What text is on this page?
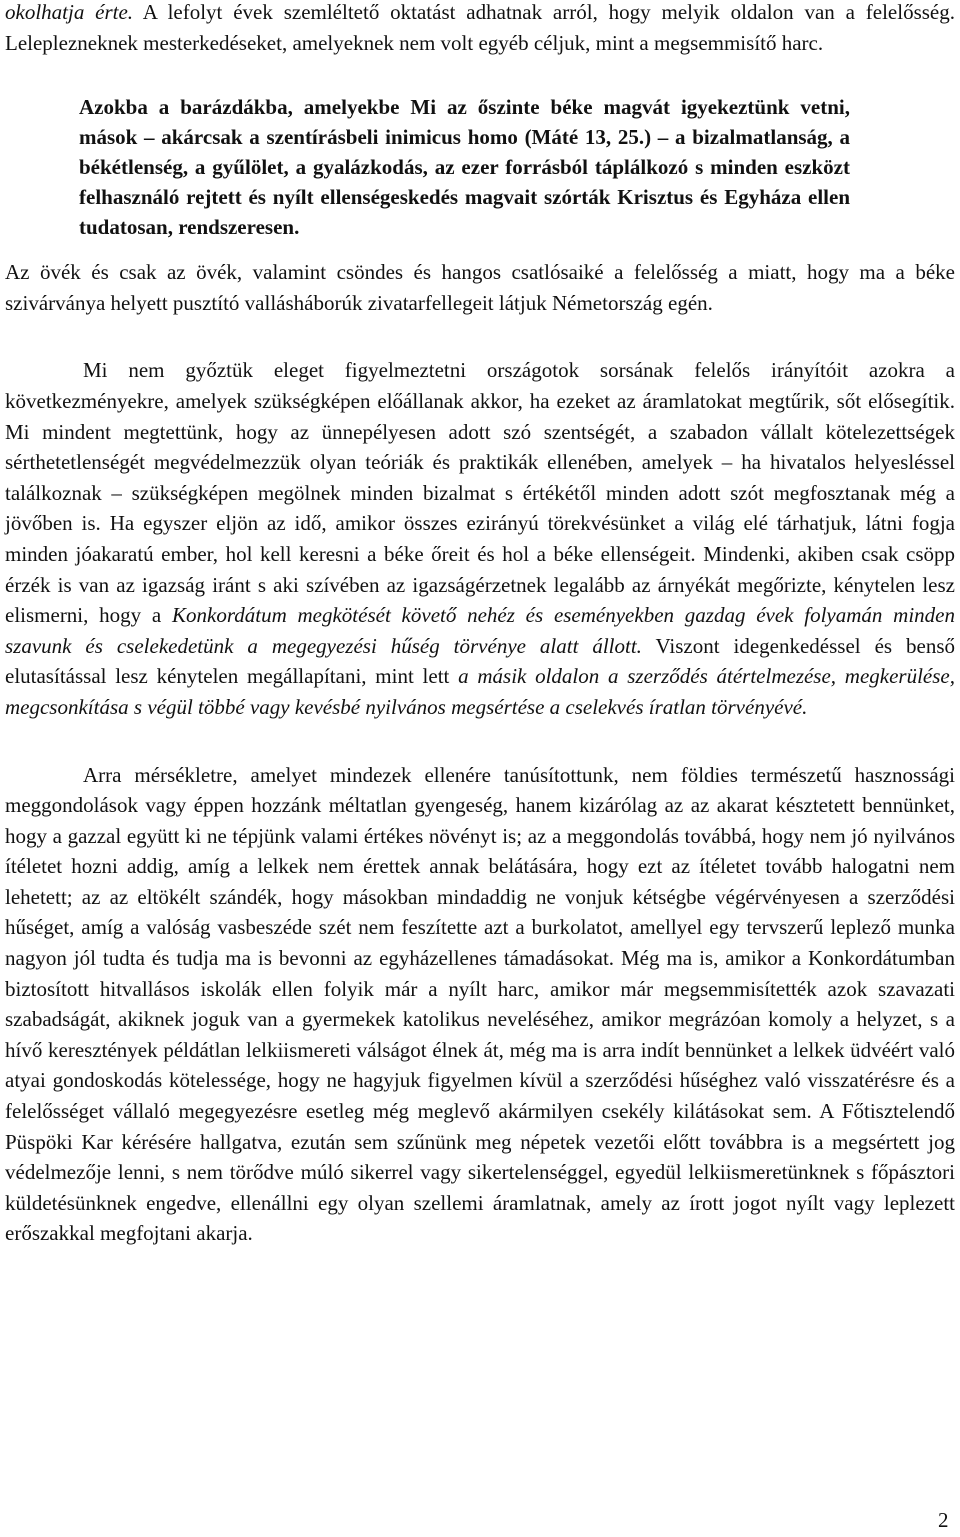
okolhatja érte. A lefolyt évek szemléltető oktatást adhatnak arról, hogy melyik oldalon van a felelősség. Leleplezneknek mesterkedéseket, amelyeknek nem volt egyéb céljuk, mint a megsemmisítő harc.

Azokba a barázdákba, amelyekbe Mi az őszinte béke magvát igyekeztünk vetni, mások – akárcsak a szentírásbeli inimicus homo (Máté 13, 25.) – a bizalmatlanság, a békétlenség, a gyűlölet, a gyalázkodás, az ezer forrásból táplálkozó s minden eszközt felhasználó rejtett és nyílt ellenségeskedés magvait szórták Krisztus és Egyháza ellen tudatosan, rendszeresen.

Az övék és csak az övék, valamint csöndes és hangos csatlósaiké a felelősség a miatt, hogy ma a béke szivárványa helyett pusztító vallásháborúk zivatarfellegeit látjuk Németország egén.

Mi nem győztük eleget figyelmeztetni országotok sorsának felelős irányítóit azokra a következményekre, amelyek szükségképen előállanak akkor, ha ezeket az áramlatokat megtűrik, sőt elősegítik. Mi mindent megtettünk, hogy az ünnepélyesen adott szó szentségét, a szabadon vállalt kötelezettségek sérthetetlenségét megvédelmezzük olyan teóriák és praktikák ellenében, amelyek – ha hivatalos helyesléssel találkoznak – szükségképen megölnek minden bizalmat s értékétől minden adott szót megfosztanak még a jövőben is. Ha egyszer eljön az idő, amikor összes ezirányú törekvésünket a világ elé tárhatjuk, látni fogja minden jóakaratú ember, hol kell keresni a béke őreit és hol a béke ellenségeit. Mindenki, akiben csak csöpp érzék is van az igazság iránt s aki szívében az igazságérzetnek legalább az árnyékát megőrizte, kénytelen lesz elismerni, hogy a Konkordátum megkötését követő nehéz és eseményekben gazdag évek folyamán minden szavunk és cselekedetünk a megegyezési hűség törvénye alatt állott. Viszont idegenkedéssel és benső elutasítással lesz kénytelen megállapítani, mint lett a másik oldalon a szerződés átértelmezése, megkerülése, megcsonkítása s végül többé vagy kevésbé nyilvános megsértése a cselekvés íratlan törvényévé.

Arra mérsékletre, amelyet mindezek ellenére tanúsítottunk, nem földies természetű hasznossági meggondolások vagy éppen hozzánk méltatlan gyengeség, hanem kizárólag az az akarat késztetett bennünket, hogy a gazzal együtt ki ne tépjünk valami értékes növényt is; az a meggondolás továbbá, hogy nem jó nyilvános ítéletet hozni addig, amíg a lelkek nem érettek annak belátására, hogy ezt az ítéletet tovább halogatni nem lehetett; az az eltökélt szándék, hogy másokban mindaddig ne vonjuk kétségbe végérvényesen a szerződési hűséget, amíg a valóság vasbeszéde szét nem feszítette azt a burkolatot, amellyel egy tervszerű leplező munka nagyon jól tudta és tudja ma is bevonni az egyházellenes támadásokat. Még ma is, amikor a Konkordátumban biztosított hitvallásos iskolák ellen folyik már a nyílt harc, amikor már megsemmisítették azok szavazati szabadságát, akiknek joguk van a gyermekek katolikus neveléséhez, amikor megrázóan komoly a helyzet, s a hívő keresztények példátlan lelkiismereti válságot élnek át, még ma is arra indít bennünket a lelkek üdvéért való atyai gondoskodás kötelessége, hogy ne hagyjuk figyelmen kívül a szerződési hűséghez való visszatérésre és a felelősséget vállaló megegyezésre esetleg még meglevő akármilyen csekély kilátásokat sem. A Főtisztelendő Püspöki Kar kérésére hallgatva, ezután sem szűnünk meg népetek vezetői előtt továbbra is a megsértett jog védelmezője lenni, s nem törődve múló sikerrel vagy sikertelenséggel, egyedül lelkiismeretünknek s főpásztori küldetésünknek engedve, ellenállni egy olyan szellemi áramlatnak, amely az írott jogot nyílt vagy leplezett erőszakkal megfojtani akarja.

2
